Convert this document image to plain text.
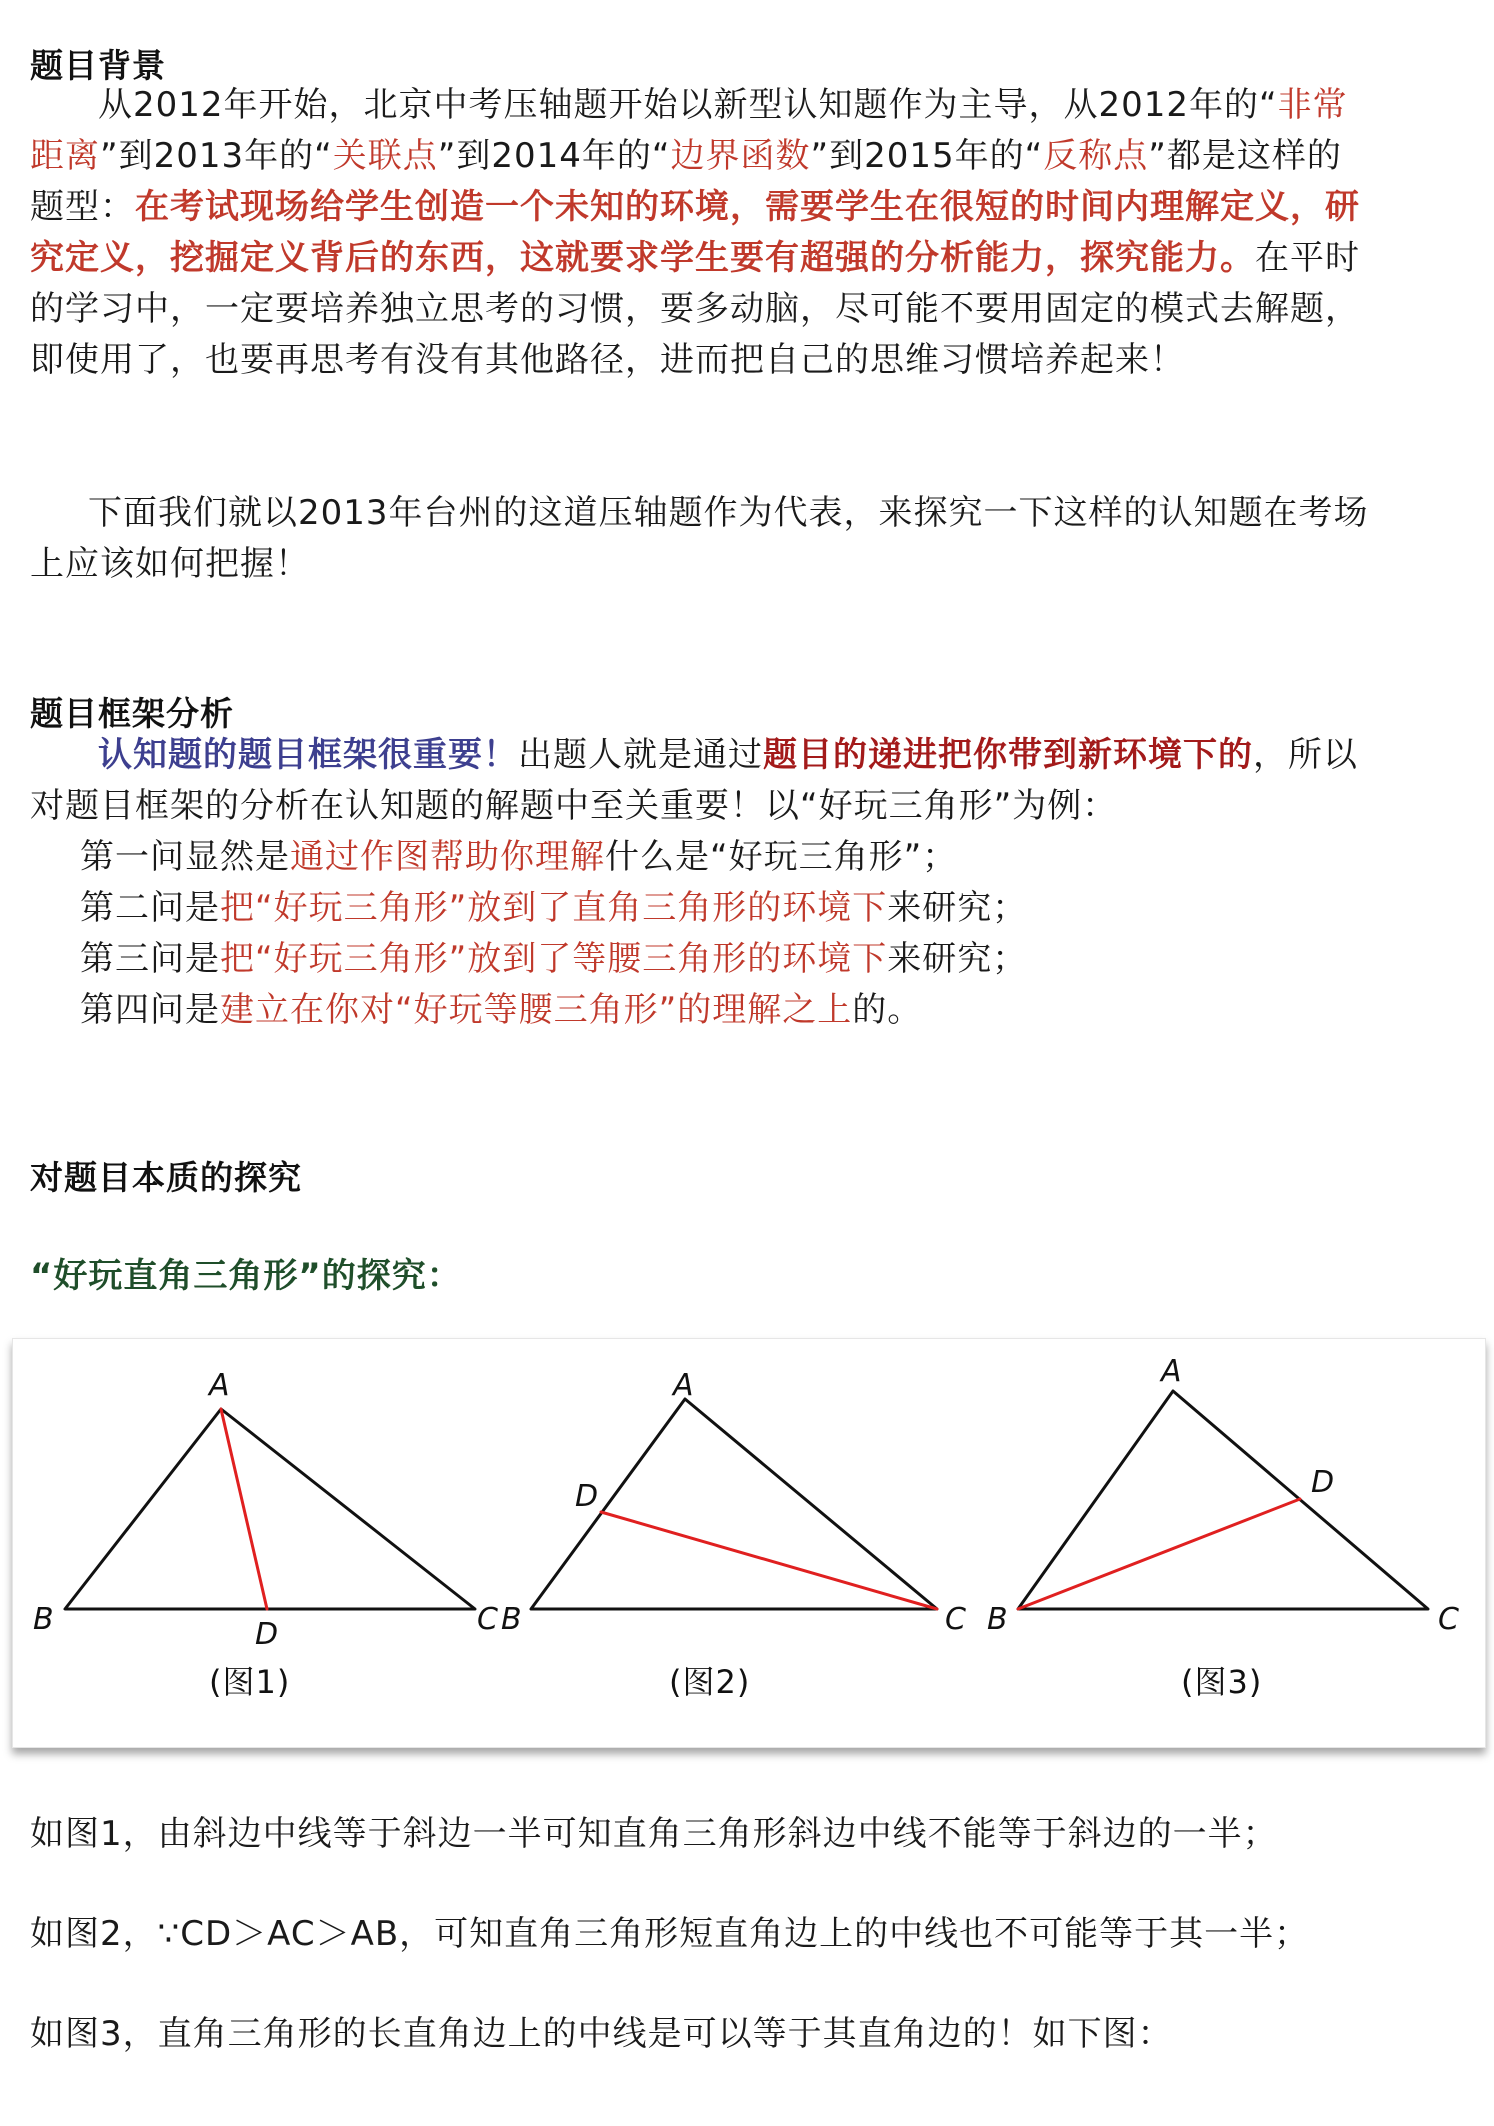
题目背景
从2012年开始，北京中考压轴题开始以新型认知题作为主导，从2012年的“非常距离”到2013年的“关联点”到2014年的“边界函数”到2015年的“反称点”都是这样的题型：在考试现场给学生创造一个未知的环境，需要学生在很短的时间内理解定义，研究定义，挖掘定义背后的东西，这就要求学生要有超强的分析能力，探究能力。在平时的学习中，一定要培养独立思考的习惯，要多动脑，尽可能不要用固定的模式去解题，即使用了，也要再思考有没有其他路径，进而把自己的思维习惯培养起来！
下面我们就以2013年台州的这道压轴题作为代表，来探究一下这样的认知题在考场上应该如何把握！
题目框架分析
认知题的题目框架很重要！出题人就是通过题目的递进把你带到新环境下的，所以对题目框架的分析在认知题的解题中至关重要！以“好玩三角形”为例：
第一问显然是通过作图帮助你理解什么是“好玩三角形”；
第二问是把“好玩三角形”放到了直角三角形的环境下来研究；
第三问是把“好玩三角形”放到了等腰三角形的环境下来研究；
第四问是建立在你对“好玩等腰三角形”的理解之上的。
对题目本质的探究
“好玩直角三角形”的探究：
A
B	C
D
A
B	C
D
A
B	C
D
(图1)	(图2)	(图3)
如图1，由斜边中线等于斜边一半可知直角三角形斜边中线不能等于斜边的一半；
如图2，∵CD＞AC＞AB，可知直角三角形短直角边上的中线也不可能等于其一半；
如图3，直角三角形的长直角边上的中线是可以等于其直角边的！如下图：
